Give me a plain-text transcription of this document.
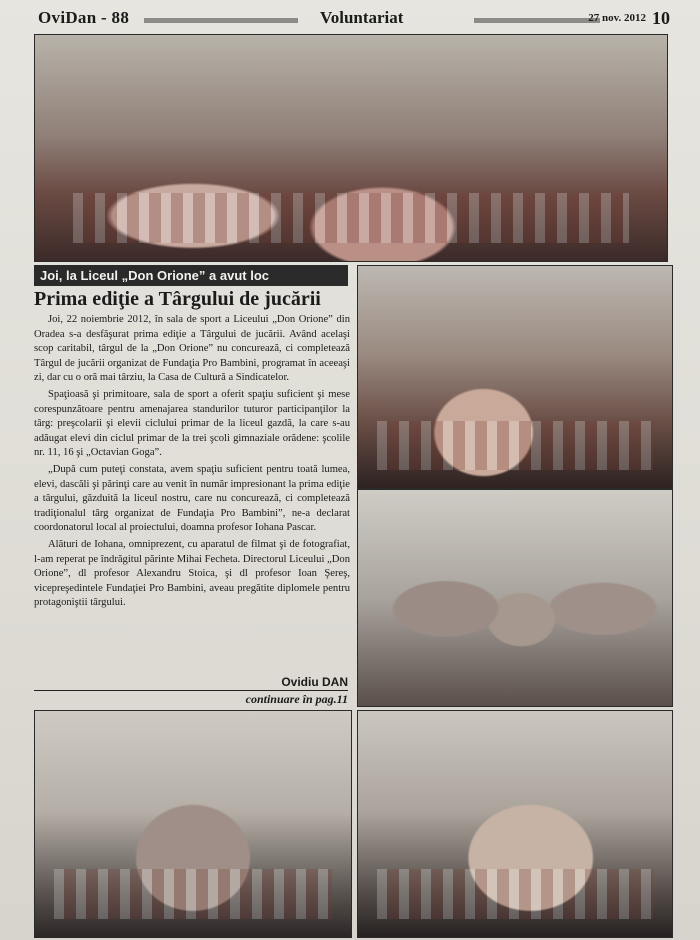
OviDan - 88	Voluntariat	27 nov. 2012 10
Joi, la Liceul „Don Orione” a avut loc
Prima ediţie a Târgului de jucării

Joi, 22 noiembrie 2012, în sala de sport a Liceului „Don Orione” din Oradea s-a desfăşurat prima ediţie a Târgului de jucării. Având acelaşi scop caritabil, târgul de la „Don Orione” nu concurează, ci completează Târgul de jucării organizat de Fundaţia Pro Bambini, programat în aceeaşi zi, dar cu o oră mai târziu, la Casa de Cultură a Sindicatelor.

Spaţioasă şi primitoare, sala de sport a oferit spaţiu suficient şi mese corespunzătoare pentru amenajarea standurilor tuturor participanţilor la târg: preşcolarii şi elevii ciclului primar de la liceul gazdă, la care s-au adăugat elevi din ciclul primar de la trei şcoli gimnaziale orădene: şcolile nr. 11, 16 şi „Octavian Goga”.

„După cum puteţi constata, avem spaţiu suficient pentru toată lumea, elevi, dascăli şi părinţi care au venit în număr impresionant la prima ediţie a târgului, găzduită la liceul nostru, care nu concurează, ci completează tradiţionalul târg organizat de Fundaţia Pro Bambini”, ne-a declarat coordonatorul local al proiectului, doamna profesor Iohana Pascar.

Alături de Iohana, omniprezent, cu aparatul de filmat şi de fotografiat, l-am reperat pe îndrăgitul părinte Mihai Fecheta. Directorul Liceului „Don Orione”, dl profesor Alexandru Stoica, şi dl profesor Ioan Şereş, vicepreşedintele Fundaţiei Pro Bambini, aveau pregătite diplomele pentru protagoniştii târgului.

Ovidiu DAN
continuare în pag.11
